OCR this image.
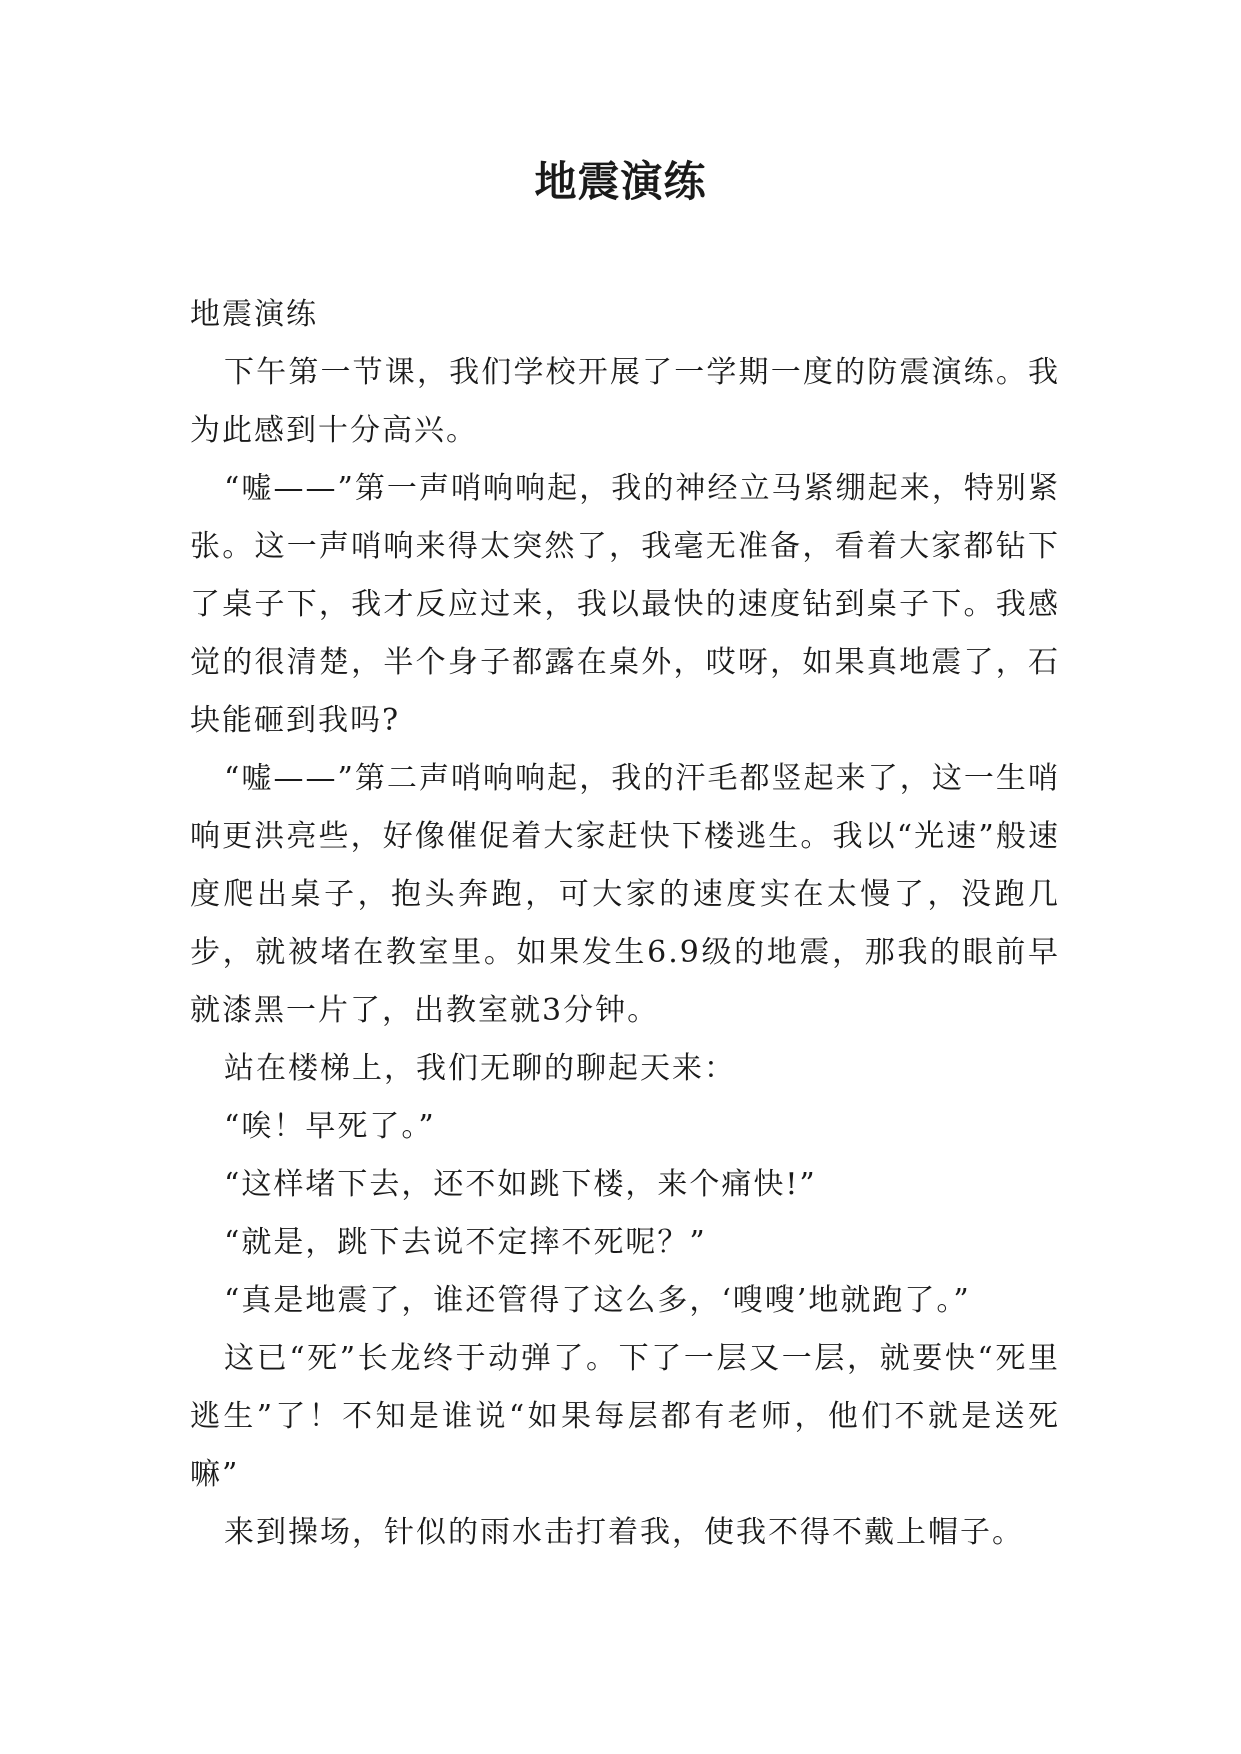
地震演练

地震演练

下午第一节课，我们学校开展了一学期一度的防震演练。我为此感到十分高兴。

“嘘——”第一声哨响响起，我的神经立马紧绷起来，特别紧张。这一声哨响来得太突然了，我毫无准备，看着大家都钻下了桌子下，我才反应过来，我以最快的速度钻到桌子下。我感觉的很清楚，半个身子都露在桌外，哎呀，如果真地震了，石块能砸到我吗?

“嘘——”第二声哨响响起，我的汗毛都竖起来了，这一生哨响更洪亮些，好像催促着大家赶快下楼逃生。我以“光速”般速度爬出桌子，抱头奔跑，可大家的速度实在太慢了，没跑几步，就被堵在教室里。如果发生6.9级的地震，那我的眼前早就漆黑一片了，出教室就3分钟。

站在楼梯上，我们无聊的聊起天来：

“唉！早死了。”

“这样堵下去，还不如跳下楼，来个痛快!”

“就是，跳下去说不定摔不死呢？”

“真是地震了，谁还管得了这么多，‘嗖嗖’地就跑了。”

这已“死”长龙终于动弹了。下了一层又一层，就要快“死里逃生”了！不知是谁说“如果每层都有老师，他们不就是送死嘛”

来到操场，针似的雨水击打着我，使我不得不戴上帽子。
